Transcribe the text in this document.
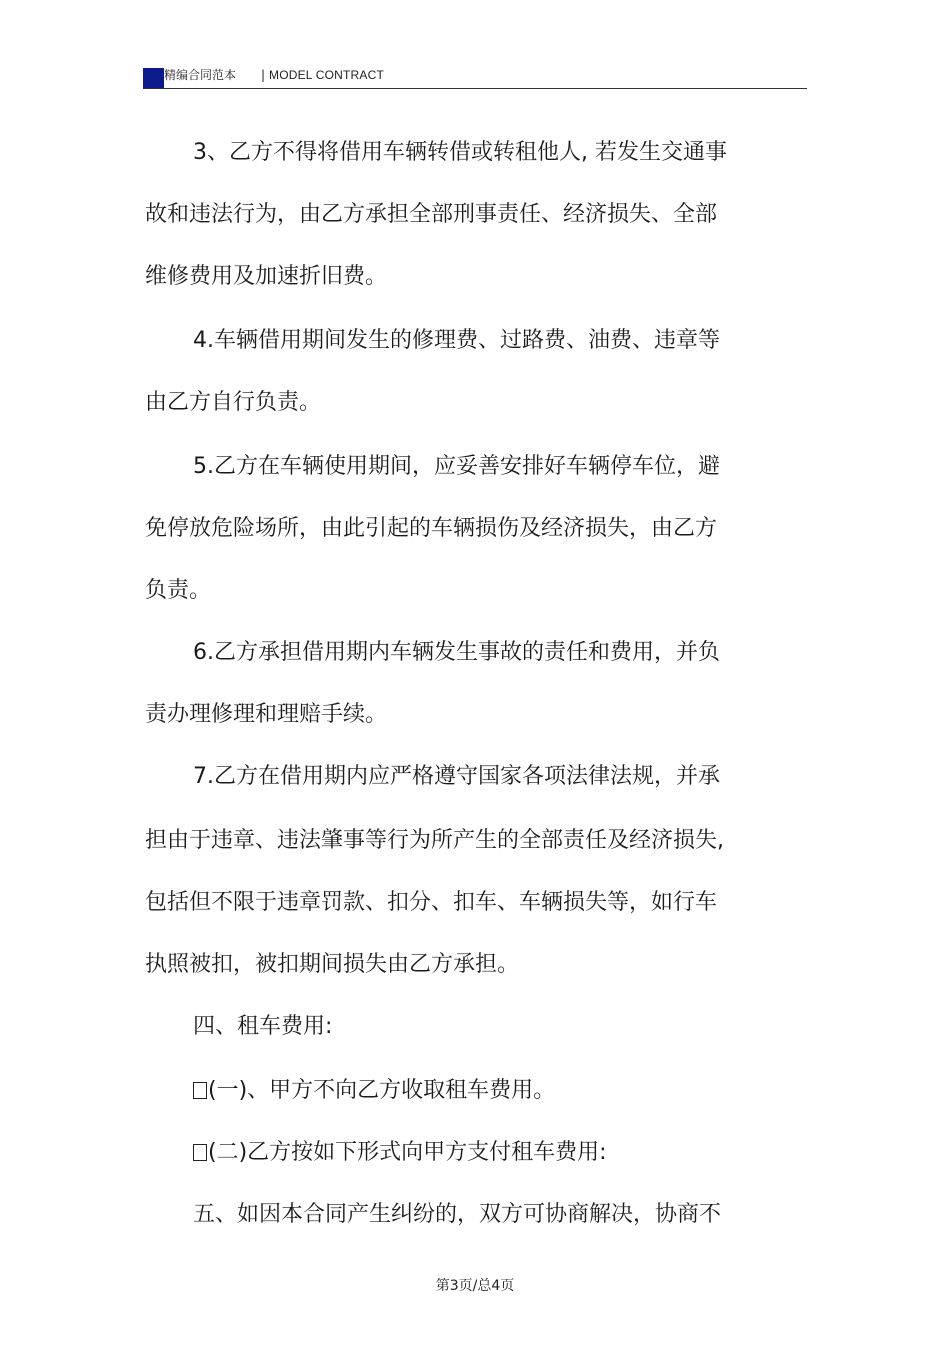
精编合同范本 | MODEL CONTRACT
3、乙方不得将借用车辆转借或转租他人, 若发生交通事
故和违法行为，由乙方承担全部刑事责任、经济损失、全部
维修费用及加速折旧费。
4.车辆借用期间发生的修理费、过路费、油费、违章等
由乙方自行负责。
5.乙方在车辆使用期间，应妥善安排好车辆停车位，避
免停放危险场所，由此引起的车辆损伤及经济损失，由乙方
负责。
6.乙方承担借用期内车辆发生事故的责任和费用，并负
责办理修理和理赔手续。
7.乙方在借用期内应严格遵守国家各项法律法规，并承
担由于违章、违法肇事等行为所产生的全部责任及经济损失,
包括但不限于违章罚款、扣分、扣车、车辆损失等，如行车
执照被扣，被扣期间损失由乙方承担。
四、租车费用:
(一)、甲方不向乙方收取租车费用。
(二)乙方按如下形式向甲方支付租车费用:
五、如因本合同产生纠纷的，双方可协商解决，协商不
第3页/总4页
